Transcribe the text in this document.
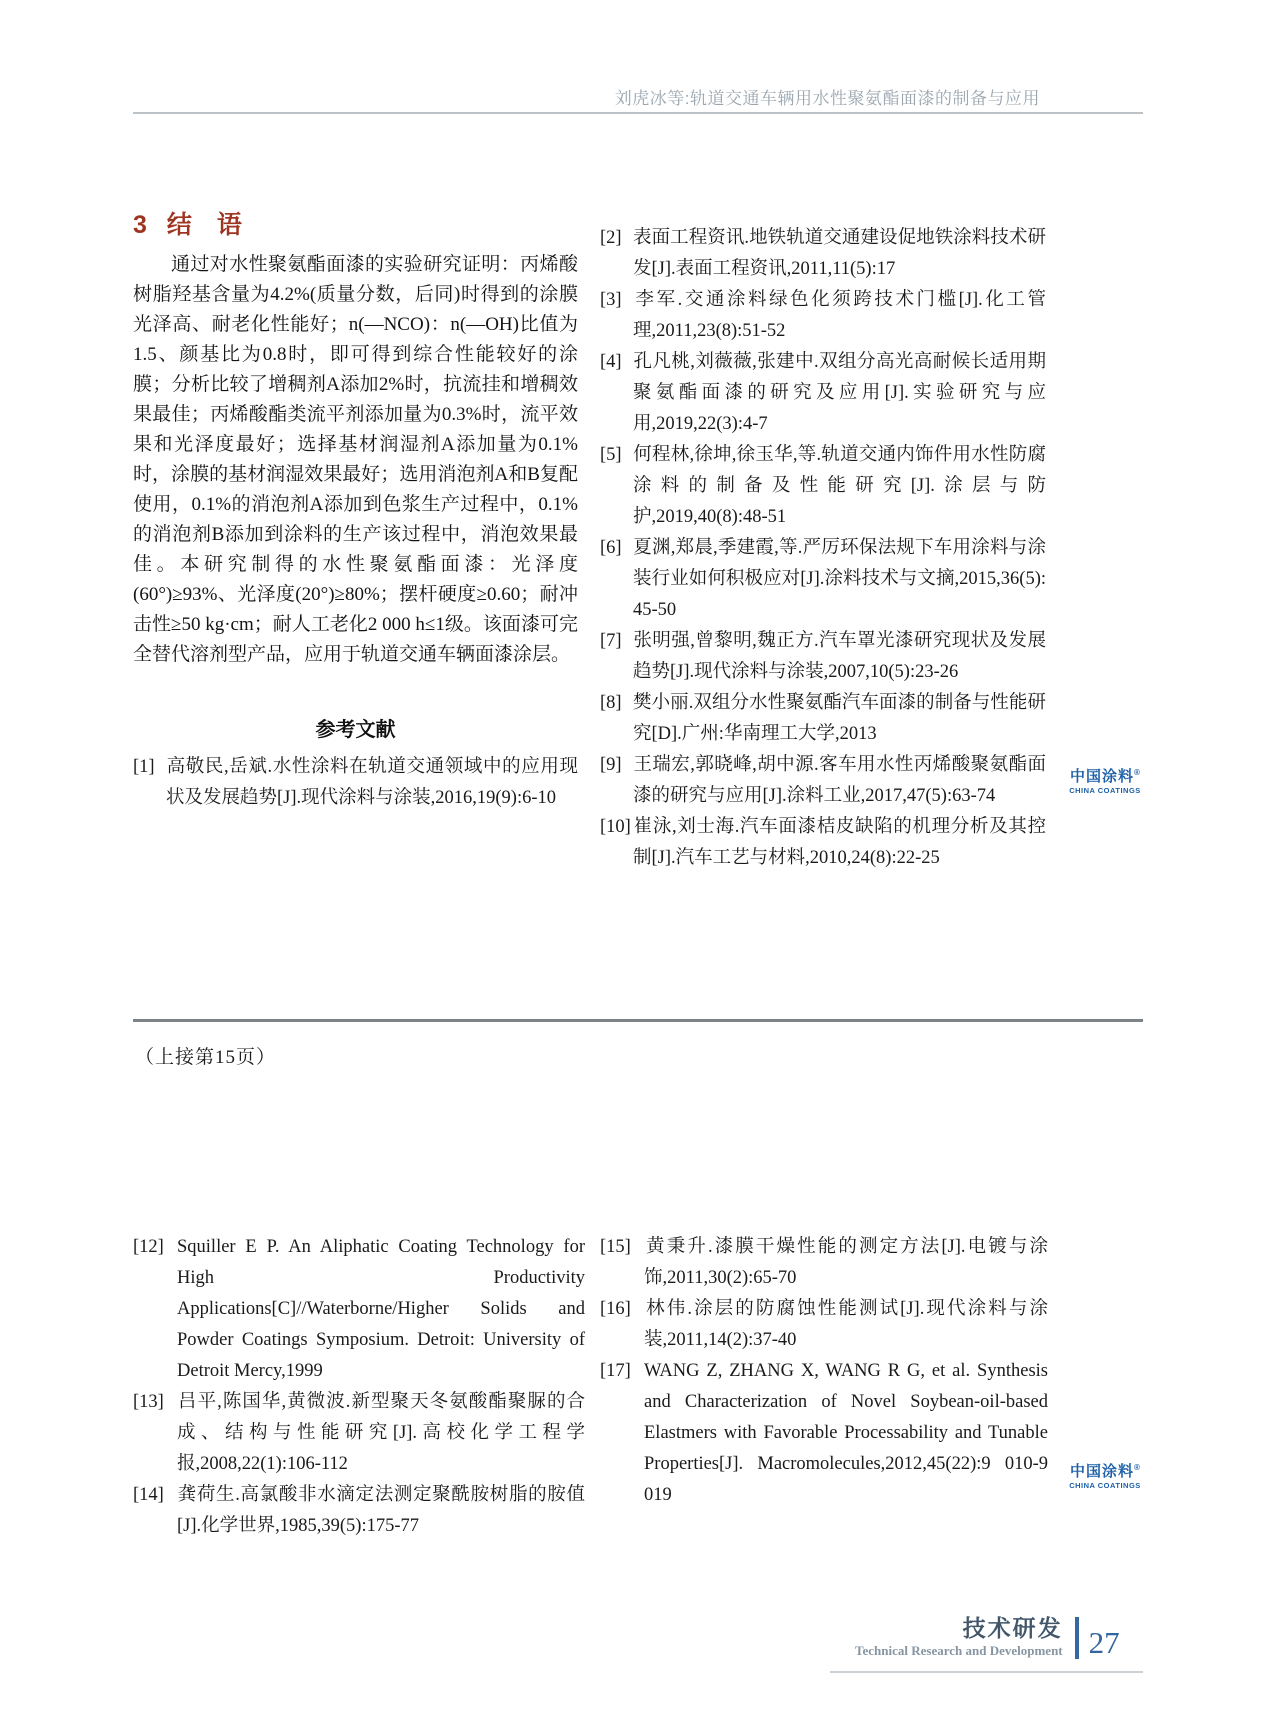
刘虎冰等:轨道交通车辆用水性聚氨酯面漆的制备与应用
3 结　语

通过对水性聚氨酯面漆的实验研究证明：丙烯酸树脂羟基含量为4.2%(质量分数，后同)时得到的涂膜光泽高、耐老化性能好；n(—NCO)：n(—OH)比值为1.5、颜基比为0.8时，即可得到综合性能较好的涂膜；分析比较了增稠剂A添加2%时，抗流挂和增稠效果最佳；丙烯酸酯类流平剂添加量为0.3%时，流平效果和光泽度最好；选择基材润湿剂A添加量为0.1%时，涂膜的基材润湿效果最好；选用消泡剂A和B复配使用，0.1%的消泡剂A添加到色浆生产过程中，0.1%的消泡剂B添加到涂料的生产该过程中，消泡效果最佳。本研究制得的水性聚氨酯面漆：光泽度(60°)≥93%、光泽度(20°)≥80%；摆杆硬度≥0.60；耐冲击性≥50 kg·cm；耐人工老化2 000 h≤1级。该面漆可完全替代溶剂型产品，应用于轨道交通车辆面漆涂层。

参考文献
[1] 高敬民,岳斌.水性涂料在轨道交通领域中的应用现状及发展趋势[J].现代涂料与涂装,2016,19(9):6-10
[2] 表面工程资讯.地铁轨道交通建设促地铁涂料技术研发[J].表面工程资讯,2011,11(5):17
[3] 李军.交通涂料绿色化须跨技术门槛[J].化工管理,2011,23(8):51-52
[4] 孔凡桃,刘薇薇,张建中.双组分高光高耐候长适用期聚氨酯面漆的研究及应用[J].实验研究与应用,2019,22(3):4-7
[5] 何程林,徐坤,徐玉华,等.轨道交通内饰件用水性防腐涂料的制备及性能研究[J].涂层与防护,2019,40(8):48-51
[6] 夏渊,郑晨,季建霞,等.严厉环保法规下车用涂料与涂装行业如何积极应对[J].涂料技术与文摘,2015,36(5): 45-50
[7] 张明强,曾黎明,魏正方.汽车罩光漆研究现状及发展趋势[J].现代涂料与涂装,2007,10(5):23-26
[8] 樊小丽.双组分水性聚氨酯汽车面漆的制备与性能研究[D].广州:华南理工大学,2013
[9] 王瑞宏,郭晓峰,胡中源.客车用水性丙烯酸聚氨酯面漆的研究与应用[J].涂料工业,2017,47(5):63-74
[10] 崔泳,刘士海.汽车面漆桔皮缺陷的机理分析及其控制[J].汽车工艺与材料,2010,24(8):22-25
中国涂料®
CHINA COATINGS
（上接第15页）
[12] Squiller E P. An Aliphatic Coating Technology for High Productivity Applications[C]//Waterborne/Higher Solids and Powder Coatings Symposium. Detroit: University of Detroit Mercy,1999
[13] 吕平,陈国华,黄微波.新型聚天冬氨酸酯聚脲的合成、结构与性能研究[J].高校化学工程学报,2008,22(1):106-112
[14] 龚荷生.高氯酸非水滴定法测定聚酰胺树脂的胺值[J].化学世界,1985,39(5):175-77
[15] 黄秉升.漆膜干燥性能的测定方法[J].电镀与涂饰,2011,30(2):65-70
[16] 林伟.涂层的防腐蚀性能测试[J].现代涂料与涂装,2011,14(2):37-40
[17] WANG Z, ZHANG X, WANG R G, et al. Synthesis and Characterization of Novel Soybean-oil-based Elastmers with Favorable Processability and Tunable Properties[J]. Macromolecules,2012,45(22):9 010-9 019
中国涂料®
CHINA COATINGS
技术研发
Technical Research and Development 27
